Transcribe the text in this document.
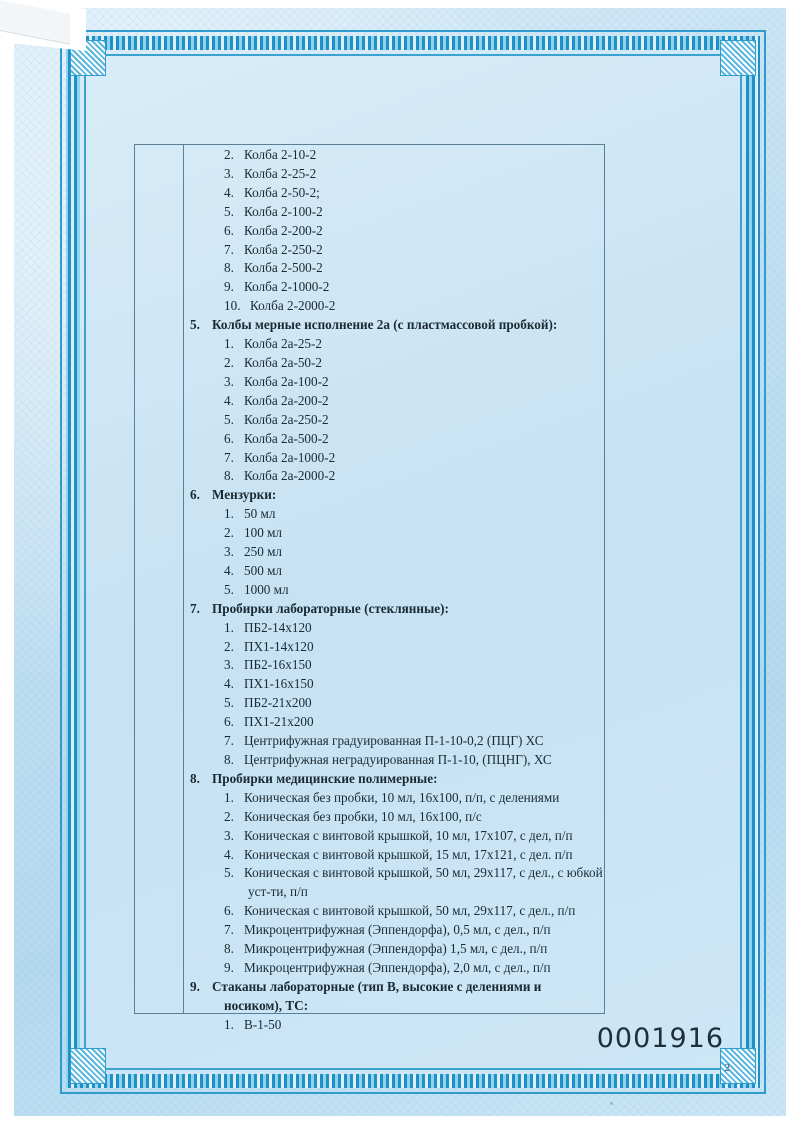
2. Колба 2-10-2
3. Колба 2-25-2
4. Колба 2-50-2;
5. Колба 2-100-2
6. Колба 2-200-2
7. Колба 2-250-2
8. Колба 2-500-2
9. Колба 2-1000-2
10. Колба 2-2000-2
5. Колбы мерные исполнение 2а (с пластмассовой пробкой):
1. Колба 2а-25-2
2. Колба 2а-50-2
3. Колба 2а-100-2
4. Колба 2а-200-2
5. Колба 2а-250-2
6. Колба 2а-500-2
7. Колба 2а-1000-2
8. Колба 2а-2000-2
6. Мензурки:
1. 50 мл
2. 100 мл
3. 250 мл
4. 500 мл
5. 1000 мл
7. Пробирки лабораторные (стеклянные):
1. ПБ2-14х120
2. ПХ1-14х120
3. ПБ2-16х150
4. ПХ1-16х150
5. ПБ2-21х200
6. ПХ1-21х200
7. Центрифужная градуированная П-1-10-0,2 (ПЦГ) ХС
8. Центрифужная неградуированная П-1-10, (ПЦНГ), ХС
8. Пробирки медицинские полимерные:
1. Коническая без пробки, 10 мл, 16х100, п/п, с делениями
2. Коническая без пробки, 10 мл, 16х100, п/с
3. Коническая с винтовой крышкой, 10 мл, 17х107, с дел, п/п
4. Коническая с винтовой крышкой, 15 мл, 17х121, с дел. п/п
5. Коническая с винтовой крышкой, 50 мл, 29х117, с дел., с юбкой
уст-ти, п/п
6. Коническая с винтовой крышкой, 50 мл, 29х117, с дел., п/п
7. Микроцентрифужная (Эппендорфа), 0,5 мл, с дел., п/п
8. Микроцентрифужная (Эппендорфа) 1,5 мл, с дел., п/п
9. Микроцентрифужная (Эппендорфа), 2,0 мл, с дел., п/п
9. Стаканы лабораторные (тип В, высокие с делениями и
носиком), ТС:
1. В-1-50	0001916
2
